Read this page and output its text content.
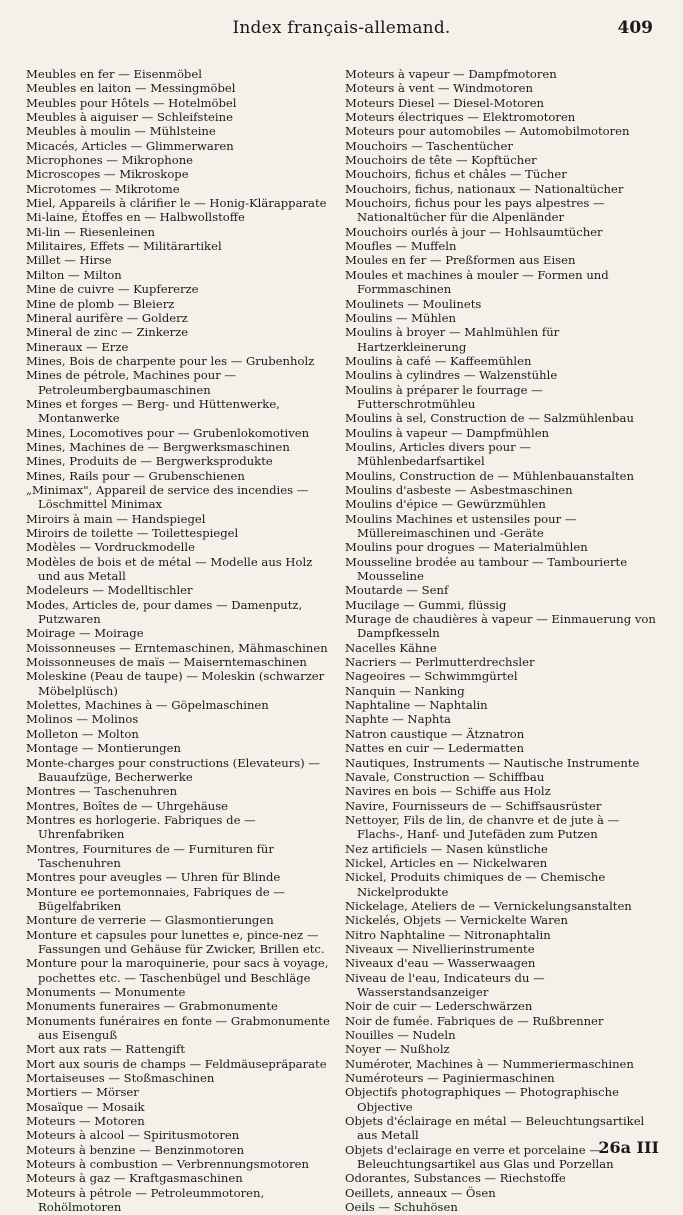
Index français-allemand.	409
Meubles en fer — Eisenmöbel
Meubles en laiton — Messingmöbel
Meubles pour Hôtels — Hotelmöbel
Meubles à aiguiser — Schleifsteine
Meubles à moulin — Mühlsteine
Micacés, Articles — Glimmerwaren
Microphones — Mikrophone
Microscopes — Mikroskope
Microtomes — Mikrotome
Miel, Appareils à clárifier le — Honig-Klärapparate
Mi-laine, Étoffes en — Halbwollstoffe
Mi-lin — Riesenleinen
Militaires, Effets — Militärartikel
Millet — Hirse
Milton — Milton
Mine de cuivre — Kupfererze
Mine de plomb — Bleierz
Mineral aurifère — Golderz
Mineral de zinc — Zinkerze
Mineraux — Erze
Mines, Bois de charpente pour les — Grubenholz
Mines de pétrole, Machines pour — Petroleumbergbaumaschinen
Mines et forges — Berg- und Hüttenwerke, Montanwerke
Mines, Locomotives pour — Grubenlokomotiven
Mines, Machines de — Bergwerksmaschinen
Mines, Produits de — Bergwerksprodukte
Mines, Rails pour — Grubenschienen
„Minimax", Appareil de service des incendies — Löschmittel Minimax
Miroirs à main — Handspiegel
Miroirs de toilette — Toilettespiegel
Modèles — Vordruckmodelle
Modèles de bois et de métal — Modelle aus Holz und aus Metall
Modeleurs — Modelltischler
Modes, Articles de, pour dames — Damenputz, Putzwaren
Moirage — Moirage
Moissonneuses — Erntemaschinen, Mähmaschinen
Moissonneuses de maïs — Maiserntemaschinen
Moleskine (Peau de taupe) — Moleskin (schwarzer Möbelplüsch)
Molettes, Machines à — Göpelmaschinen
Molinos — Molinos
Molleton — Molton
Montage — Montierungen
Monte-charges pour constructions (Elevateurs) — Bauaufzüge, Becherwerke
Montres — Taschenuhren
Montres, Boîtes de — Uhrgehäuse
Montres es horlogerie. Fabriques de — Uhrenfabriken
Montres, Fournitures de — Furnituren für Taschenuhren
Montres pour aveugles — Uhren für Blinde
Monture ee portemonnaies, Fabriques de — Bügelfabriken
Monture de verrerie — Glasmontierungen
Monture et capsules pour lunettes e, pince-nez — Fassungen und Gehäuse für Zwicker, Brillen etc.
Monture pour la maroquinerie, pour sacs à voyage, pochettes etc. — Taschenbügel und Beschläge
Monuments — Monumente
Monuments funeraires — Grabmonumente
Monuments funéraires en fonte — Grabmonumente aus Eisenguß
Mort aux rats — Rattengift
Mort aux souris de champs — Feldmäusepräparate
Mortaiseuses — Stoßmaschinen
Mortiers — Mörser
Mosaïque — Mosaik
Moteurs — Motoren
Moteurs à alcool — Spiritusmotoren
Moteurs à benzine — Benzinmotoren
Moteurs à combustion — Verbrennungsmotoren
Moteurs à gaz — Kraftgasmaschinen
Moteurs à pétrole — Petroleummotoren, Rohölmotoren
Moteurs à vapeur — Dampfmotoren
Moteurs à vent — Windmotoren
Moteurs Diesel — Diesel-Motoren
Moteurs électriques — Elektromotoren
Moteurs pour automobiles — Automobilmotoren
Mouchoirs — Taschentücher
Mouchoirs de tête — Kopftücher
Mouchoirs, fichus et châles — Tücher
Mouchoirs, fichus, nationaux — Nationaltücher
Mouchoirs, fichus pour les pays alpestres — Nationaltücher für die Alpenländer
Mouchoirs ourlés à jour — Hohlsaumtücher
Moufles — Muffeln
Moules en fer — Preßformen aus Eisen
Moules et machines à mouler — Formen und Formmaschinen
Moulinets — Moulinets
Moulins — Mühlen
Moulins à broyer — Mahlmühlen für Hartzerkleinerung
Moulins à café — Kaffeemühlen
Moulins à cylindres — Walzenstühle
Moulins à préparer le fourrage — Futterschrotmühleu
Moulins à sel, Construction de — Salzmühlenbau
Moulins à vapeur — Dampfmühlen
Moulins, Articles divers pour — Mühlenbedarfsartikel
Moulins, Construction de — Mühlenbauanstalten
Moulins d'asbeste — Asbestmaschinen
Moulins d'épice — Gewürzmühlen
Moulins Machines et ustensiles pour — Müllereimaschinen und -Geräte
Moulins pour drogues — Materialmühlen
Mousseline brodée au tambour — Tambourierte Mousseline
Moutarde — Senf
Mucilage — Gummi, flüssig
Murage de chaudières à vapeur — Einmauerung von Dampfkesseln
Nacelles Kähne
Nacriers — Perlmutterdrechsler
Nageoires — Schwimmgürtel
Nanquin — Nanking
Naphtaline — Naphtalin
Naphte — Naphta
Natron caustique — Ätznatron
Nattes en cuir — Ledermatten
Nautiques, Instruments — Nautische Instrumente
Navale, Construction — Schiffbau
Navires en bois — Schiffe aus Holz
Navire, Fournisseurs de — Schiffsausrüster
Nettoyer, Fils de lin, de chanvre et de jute à — Flachs-, Hanf- und Jutefäden zum Putzen
Nez artificiels — Nasen künstliche
Nickel, Articles en — Nickelwaren
Nickel, Produits chimiques de — Chemische Nickelprodukte
Nickelage, Ateliers de — Vernickelungsanstalten
Nickelés, Objets — Vernickelte Waren
Nitro Naphtaline — Nitronaphtalin
Niveaux — Nivellierinstrumente
Niveaux d'eau — Wasserwaagen
Niveau de l'eau, Indicateurs du — Wasserstandsanzeiger
Noir de cuir — Lederschwärzen
Noir de fumée. Fabriques de — Rußbrenner
Nouilles — Nudeln
Noyer — Nußholz
Numéroter, Machines à — Nummeriermaschinen
Numéroteurs — Paginiermaschinen
Objectifs photographiques — Photographische Objective
Objets d'éclairage en métal — Beleuchtungsartikel aus Metall
Objets d'eclairage en verre et porcelaine — Beleuchtungsartikel aus Glas und Porzellan
Odorantes, Substances — Riechstoffe
Oeillets, anneaux — Ösen
Oeils — Schuhösen
26a III
